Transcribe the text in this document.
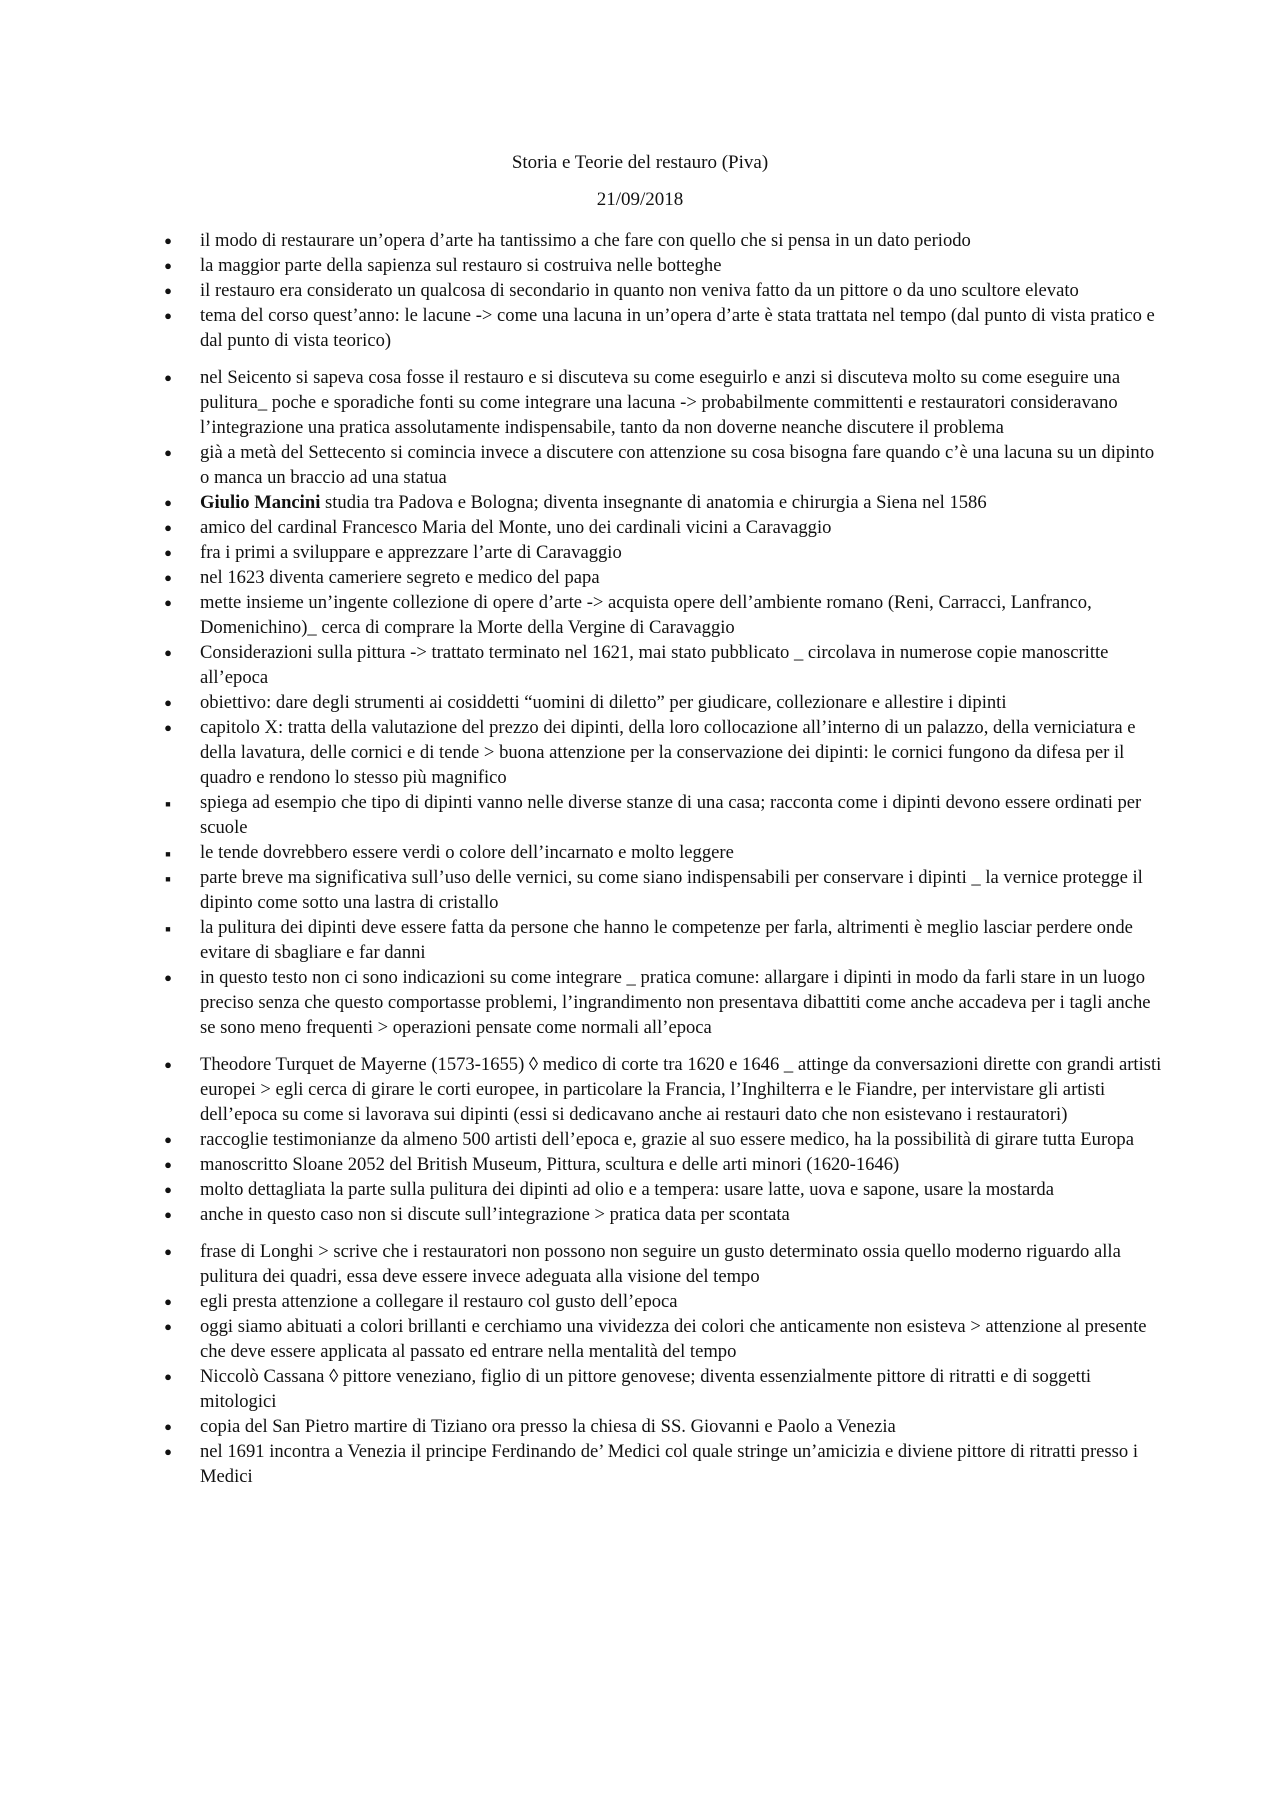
Storia e Teorie del restauro (Piva)
21/09/2018
●
il modo di restaurare un’opera d’arte ha tantissimo a che fare con quello che si pensa in un dato periodo
●
la maggior parte della sapienza sul restauro si costruiva nelle botteghe
●
il restauro era considerato un qualcosa di secondario in quanto non veniva fatto da un pittore o da uno scultore elevato
●
tema del corso quest’anno: le lacune -> come una lacuna in un’opera d’arte è stata trattata nel tempo (dal punto di vista pratico e dal punto di vista teorico)
●
nel Seicento si sapeva cosa fosse il restauro e si discuteva su come eseguirlo e anzi si discuteva molto su come eseguire una pulitura_ poche e sporadiche fonti su come integrare una lacuna -> probabilmente committenti e restauratori consideravano l’integrazione una pratica assolutamente indispensabile, tanto da non doverne neanche discutere il problema
●
già a metà del Settecento si comincia invece a discutere con attenzione su cosa bisogna fare quando c’è una lacuna su un dipinto o manca un braccio ad una statua
●
Giulio Mancini studia tra Padova e Bologna; diventa insegnante di anatomia e chirurgia a Siena nel 1586
●
amico del cardinal Francesco Maria del Monte, uno dei cardinali vicini a Caravaggio
●
fra i primi a sviluppare e apprezzare l’arte di Caravaggio
●
nel 1623 diventa cameriere segreto e medico del papa
●
mette insieme un’ingente collezione di opere d’arte -> acquista opere dell’ambiente romano (Reni, Carracci, Lanfranco, Domenichino)_ cerca di comprare la Morte della Vergine di Caravaggio
●
Considerazioni sulla pittura -> trattato terminato nel 1621, mai stato pubblicato _ circolava in numerose copie manoscritte all’epoca
●
obiettivo: dare degli strumenti ai cosiddetti “uomini di diletto” per giudicare, collezionare e allestire i dipinti
●
capitolo X: tratta della valutazione del prezzo dei dipinti, della loro collocazione all’interno di un palazzo, della verniciatura e della lavatura, delle cornici e di tende > buona attenzione per la conservazione dei dipinti: le cornici fungono da difesa per il quadro e rendono lo stesso più magnifico
■
spiega ad esempio che tipo di dipinti vanno nelle diverse stanze di una casa; racconta come i dipinti devono essere ordinati per scuole
■
le tende dovrebbero essere verdi o colore dell’incarnato e molto leggere
■
parte breve ma significativa sull’uso delle vernici, su come siano indispensabili per conservare i dipinti _ la vernice protegge il dipinto come sotto una lastra di cristallo
■
la pulitura dei dipinti deve essere fatta da persone che hanno le competenze per farla, altrimenti è meglio lasciar perdere onde evitare di sbagliare e far danni
●
in questo testo non ci sono indicazioni su come integrare _ pratica comune: allargare i dipinti in modo da farli stare in un luogo preciso senza che questo comportasse problemi, l’ingrandimento non presentava dibattiti come anche accadeva per i tagli anche se sono meno frequenti > operazioni pensate come normali all’epoca
●
Theodore Turquet de Mayerne (1573-1655) ◊ medico di corte tra 1620 e 1646 _ attinge da conversazioni dirette con grandi artisti europei > egli cerca di girare le corti europee, in particolare la Francia, l’Inghilterra e le Fiandre, per intervistare gli artisti dell’epoca su come si lavorava sui dipinti (essi si dedicavano anche ai restauri dato che non esistevano i restauratori)
●
raccoglie testimonianze da almeno 500 artisti dell’epoca e, grazie al suo essere medico, ha la possibilità di girare tutta Europa
●
manoscritto Sloane 2052 del British Museum, Pittura, scultura e delle arti minori (1620-1646)
●
molto dettagliata la parte sulla pulitura dei dipinti ad olio e a tempera: usare latte, uova e sapone, usare la mostarda
●
anche in questo caso non si discute sull’integrazione > pratica data per scontata
●
frase di Longhi > scrive che i restauratori non possono non seguire un gusto determinato ossia quello moderno riguardo alla pulitura dei quadri, essa deve essere invece adeguata alla visione del tempo
●
egli presta attenzione a collegare il restauro col gusto dell’epoca
●
oggi siamo abituati a colori brillanti e cerchiamo una vividezza dei colori che anticamente non esisteva > attenzione al presente che deve essere applicata al passato ed entrare nella mentalità del tempo
●
Niccolò Cassana ◊ pittore veneziano, figlio di un pittore genovese; diventa essenzialmente pittore di ritratti e di soggetti mitologici
●
copia del San Pietro martire di Tiziano ora presso la chiesa di SS. Giovanni e Paolo a Venezia
●
nel 1691 incontra a Venezia il principe Ferdinando de’ Medici col quale stringe un’amicizia e diviene pittore di ritratti presso i Medici
